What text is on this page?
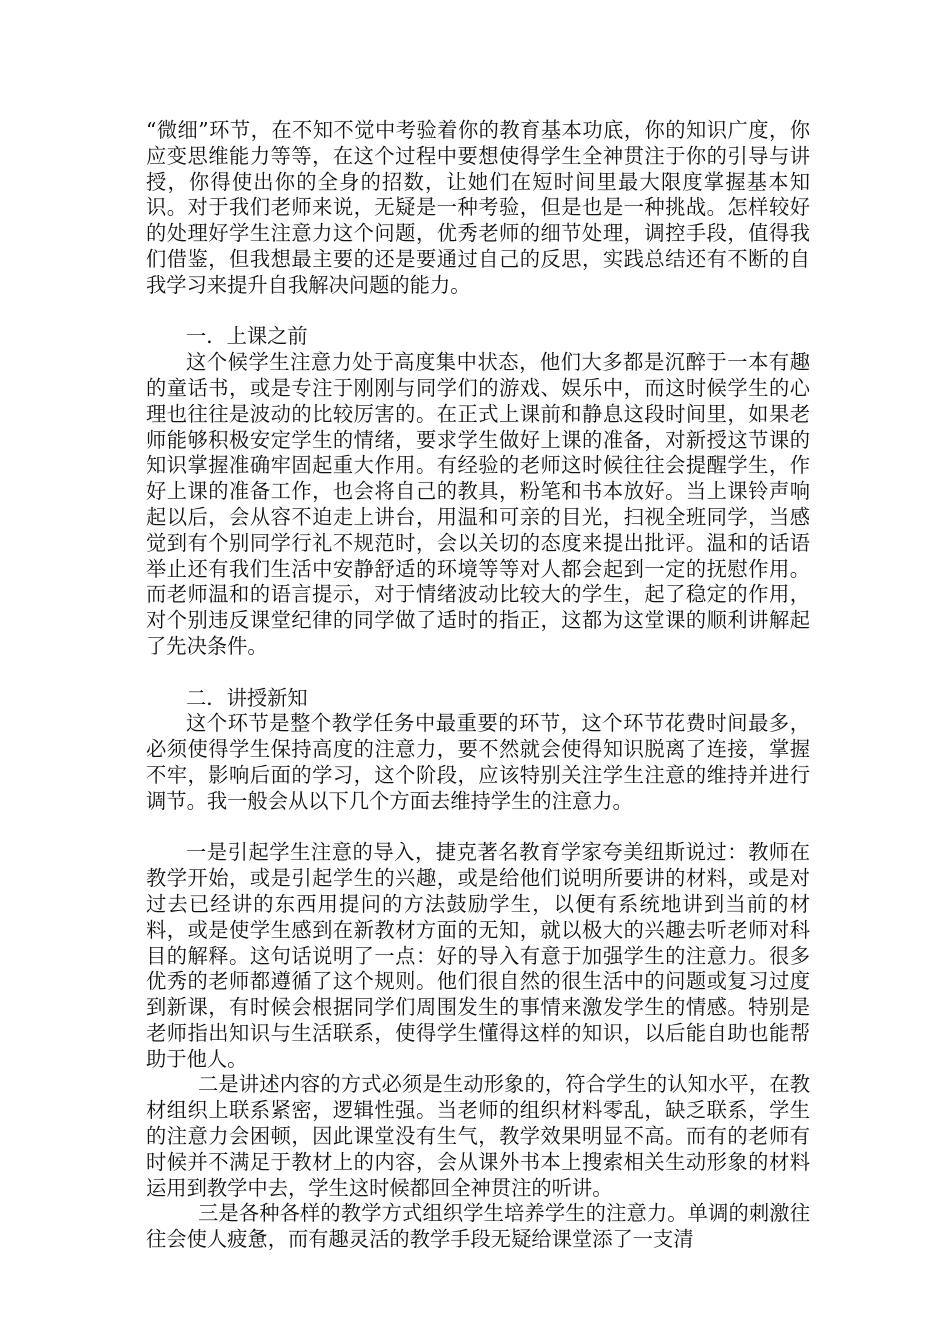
“微细”环节，在不知不觉中考验着你的教育基本功底，你的知识广度，你应变思维能力等等，在这个过程中要想使得学生全神贯注于你的引导与讲授，你得使出你的全身的招数，让她们在短时间里最大限度掌握基本知识。对于我们老师来说，无疑是一种考验，但是也是一种挑战。怎样较好的处理好学生注意力这个问题，优秀老师的细节处理，调控手段，值得我们借鉴，但我想最主要的还是要通过自己的反思，实践总结还有不断的自我学习来提升自我解决问题的能力。

一．上课之前

这个候学生注意力处于高度集中状态，他们大多都是沉醉于一本有趣的童话书，或是专注于刚刚与同学们的游戏、娱乐中，而这时候学生的心理也往往是波动的比较厉害的。在正式上课前和静息这段时间里，如果老师能够积极安定学生的情绪，要求学生做好上课的准备，对新授这节课的知识掌握准确牢固起重大作用。有经验的老师这时候往往会提醒学生，作好上课的准备工作，也会将自己的教具，粉笔和书本放好。当上课铃声响起以后，会从容不迫走上讲台，用温和可亲的目光，扫视全班同学，当感觉到有个别同学行礼不规范时，会以关切的态度来提出批评。温和的话语举止还有我们生活中安静舒适的环境等等对人都会起到一定的抚慰作用。而老师温和的语言提示，对于情绪波动比较大的学生，起了稳定的作用，对个别违反课堂纪律的同学做了适时的指正，这都为这堂课的顺利讲解起了先决条件。

二．讲授新知

这个环节是整个教学任务中最重要的环节，这个环节花费时间最多，必须使得学生保持高度的注意力，要不然就会使得知识脱离了连接，掌握不牢，影响后面的学习，这个阶段，应该特别关注学生注意的维持并进行调节。我一般会从以下几个方面去维持学生的注意力。

一是引起学生注意的导入，捷克著名教育学家夸美纽斯说过：教师在教学开始，或是引起学生的兴趣，或是给他们说明所要讲的材料，或是对过去已经讲的东西用提问的方法鼓励学生，以便有系统地讲到当前的材料，或是使学生感到在新教材方面的无知，就以极大的兴趣去听老师对科目的解释。这句话说明了一点：好的导入有意于加强学生的注意力。很多优秀的老师都遵循了这个规则。他们很自然的很生活中的问题或复习过度到新课，有时候会根据同学们周围发生的事情来激发学生的情感。特别是老师指出知识与生活联系，使得学生懂得这样的知识，以后能自助也能帮助于他人。

二是讲述内容的方式必须是生动形象的，符合学生的认知水平，在教材组织上联系紧密，逻辑性强。当老师的组织材料零乱，缺乏联系，学生的注意力会困顿，因此课堂没有生气，教学效果明显不高。而有的老师有时候并不满足于教材上的内容，会从课外书本上搜索相关生动形象的材料运用到教学中去，学生这时候都回全神贯注的听讲。

三是各种各样的教学方式组织学生培养学生的注意力。单调的刺激往往会使人疲惫，而有趣灵活的教学手段无疑给课堂添了一支清
